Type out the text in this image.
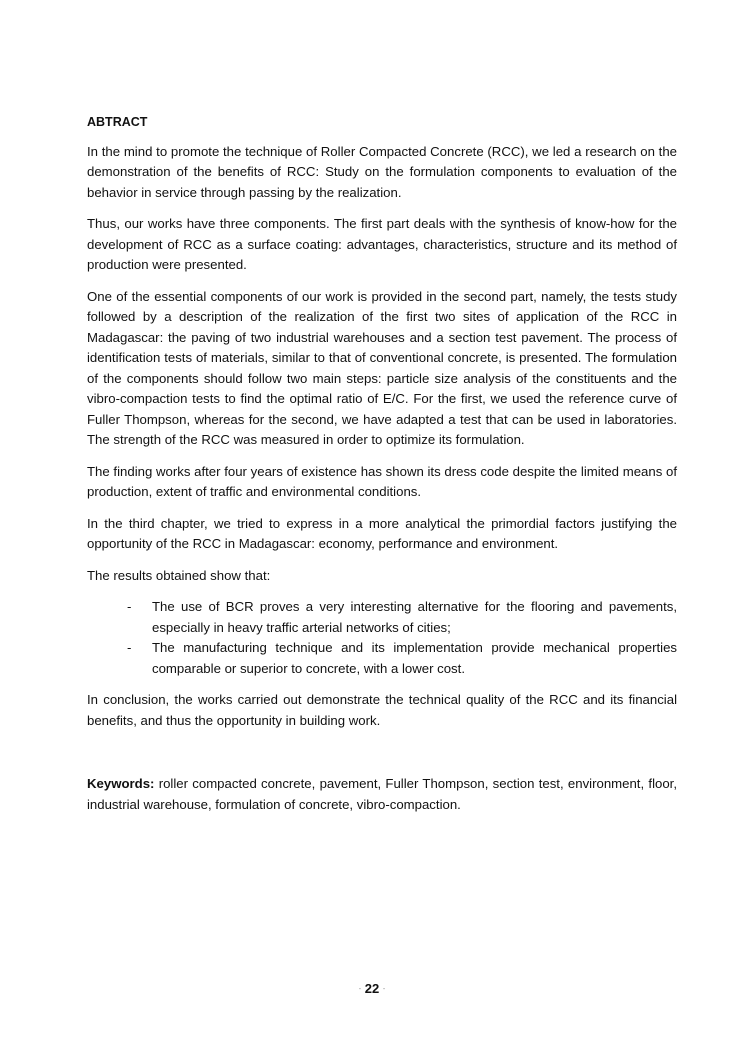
ABTRACT

In the mind to promote the technique of Roller Compacted Concrete (RCC), we led a research on the demonstration of the benefits of RCC: Study on the formulation components to evaluation of the behavior in service through passing by the realization.

Thus, our works have three components. The first part deals with the synthesis of know-how for the development of RCC as a surface coating: advantages, characteristics, structure and its method of production were presented.

One of the essential components of our work is provided in the second part, namely, the tests study followed by a description of the realization of the first two sites of application of the RCC in Madagascar: the paving of two industrial warehouses and a section test pavement. The process of identification tests of materials, similar to that of conventional concrete, is presented. The formulation of the components should follow two main steps: particle size analysis of the constituents and the vibro-compaction tests to find the optimal ratio of E/C. For the first, we used the reference curve of Fuller Thompson, whereas for the second, we have adapted a test that can be used in laboratories. The strength of the RCC was measured in order to optimize its formulation.

The finding works after four years of existence has shown its dress code despite the limited means of production, extent of traffic and environmental conditions.

In the third chapter, we tried to express in a more analytical the primordial factors justifying the opportunity of the RCC in Madagascar: economy, performance and environment.

The results obtained show that:

- The use of BCR proves a very interesting alternative for the flooring and pavements, especially in heavy traffic arterial networks of cities;
- The manufacturing technique and its implementation provide mechanical properties comparable or superior to concrete, with a lower cost.

In conclusion, the works carried out demonstrate the technical quality of the RCC and its financial benefits, and thus the opportunity in building work.

Keywords: roller compacted concrete, pavement, Fuller Thompson, section test, environment, floor, industrial warehouse, formulation of concrete, vibro-compaction.

- 22 -
